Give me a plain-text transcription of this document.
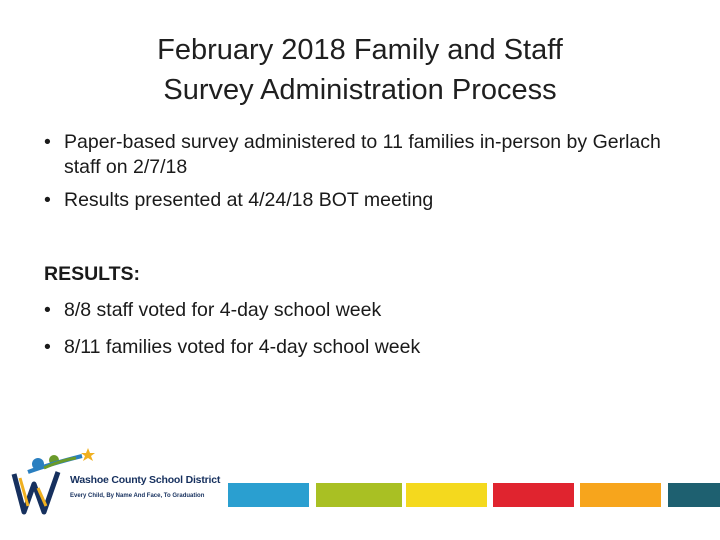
February 2018 Family and Staff
Survey Administration Process
• Paper-based survey administered to 11 families in-person by Gerlach staff on 2/7/18
• Results presented at 4/24/18 BOT meeting
RESULTS:
• 8/8 staff voted for 4-day school week
• 8/11 families voted for 4-day school week
Washoe County School District
Every Child, By Name And Face, To Graduation
